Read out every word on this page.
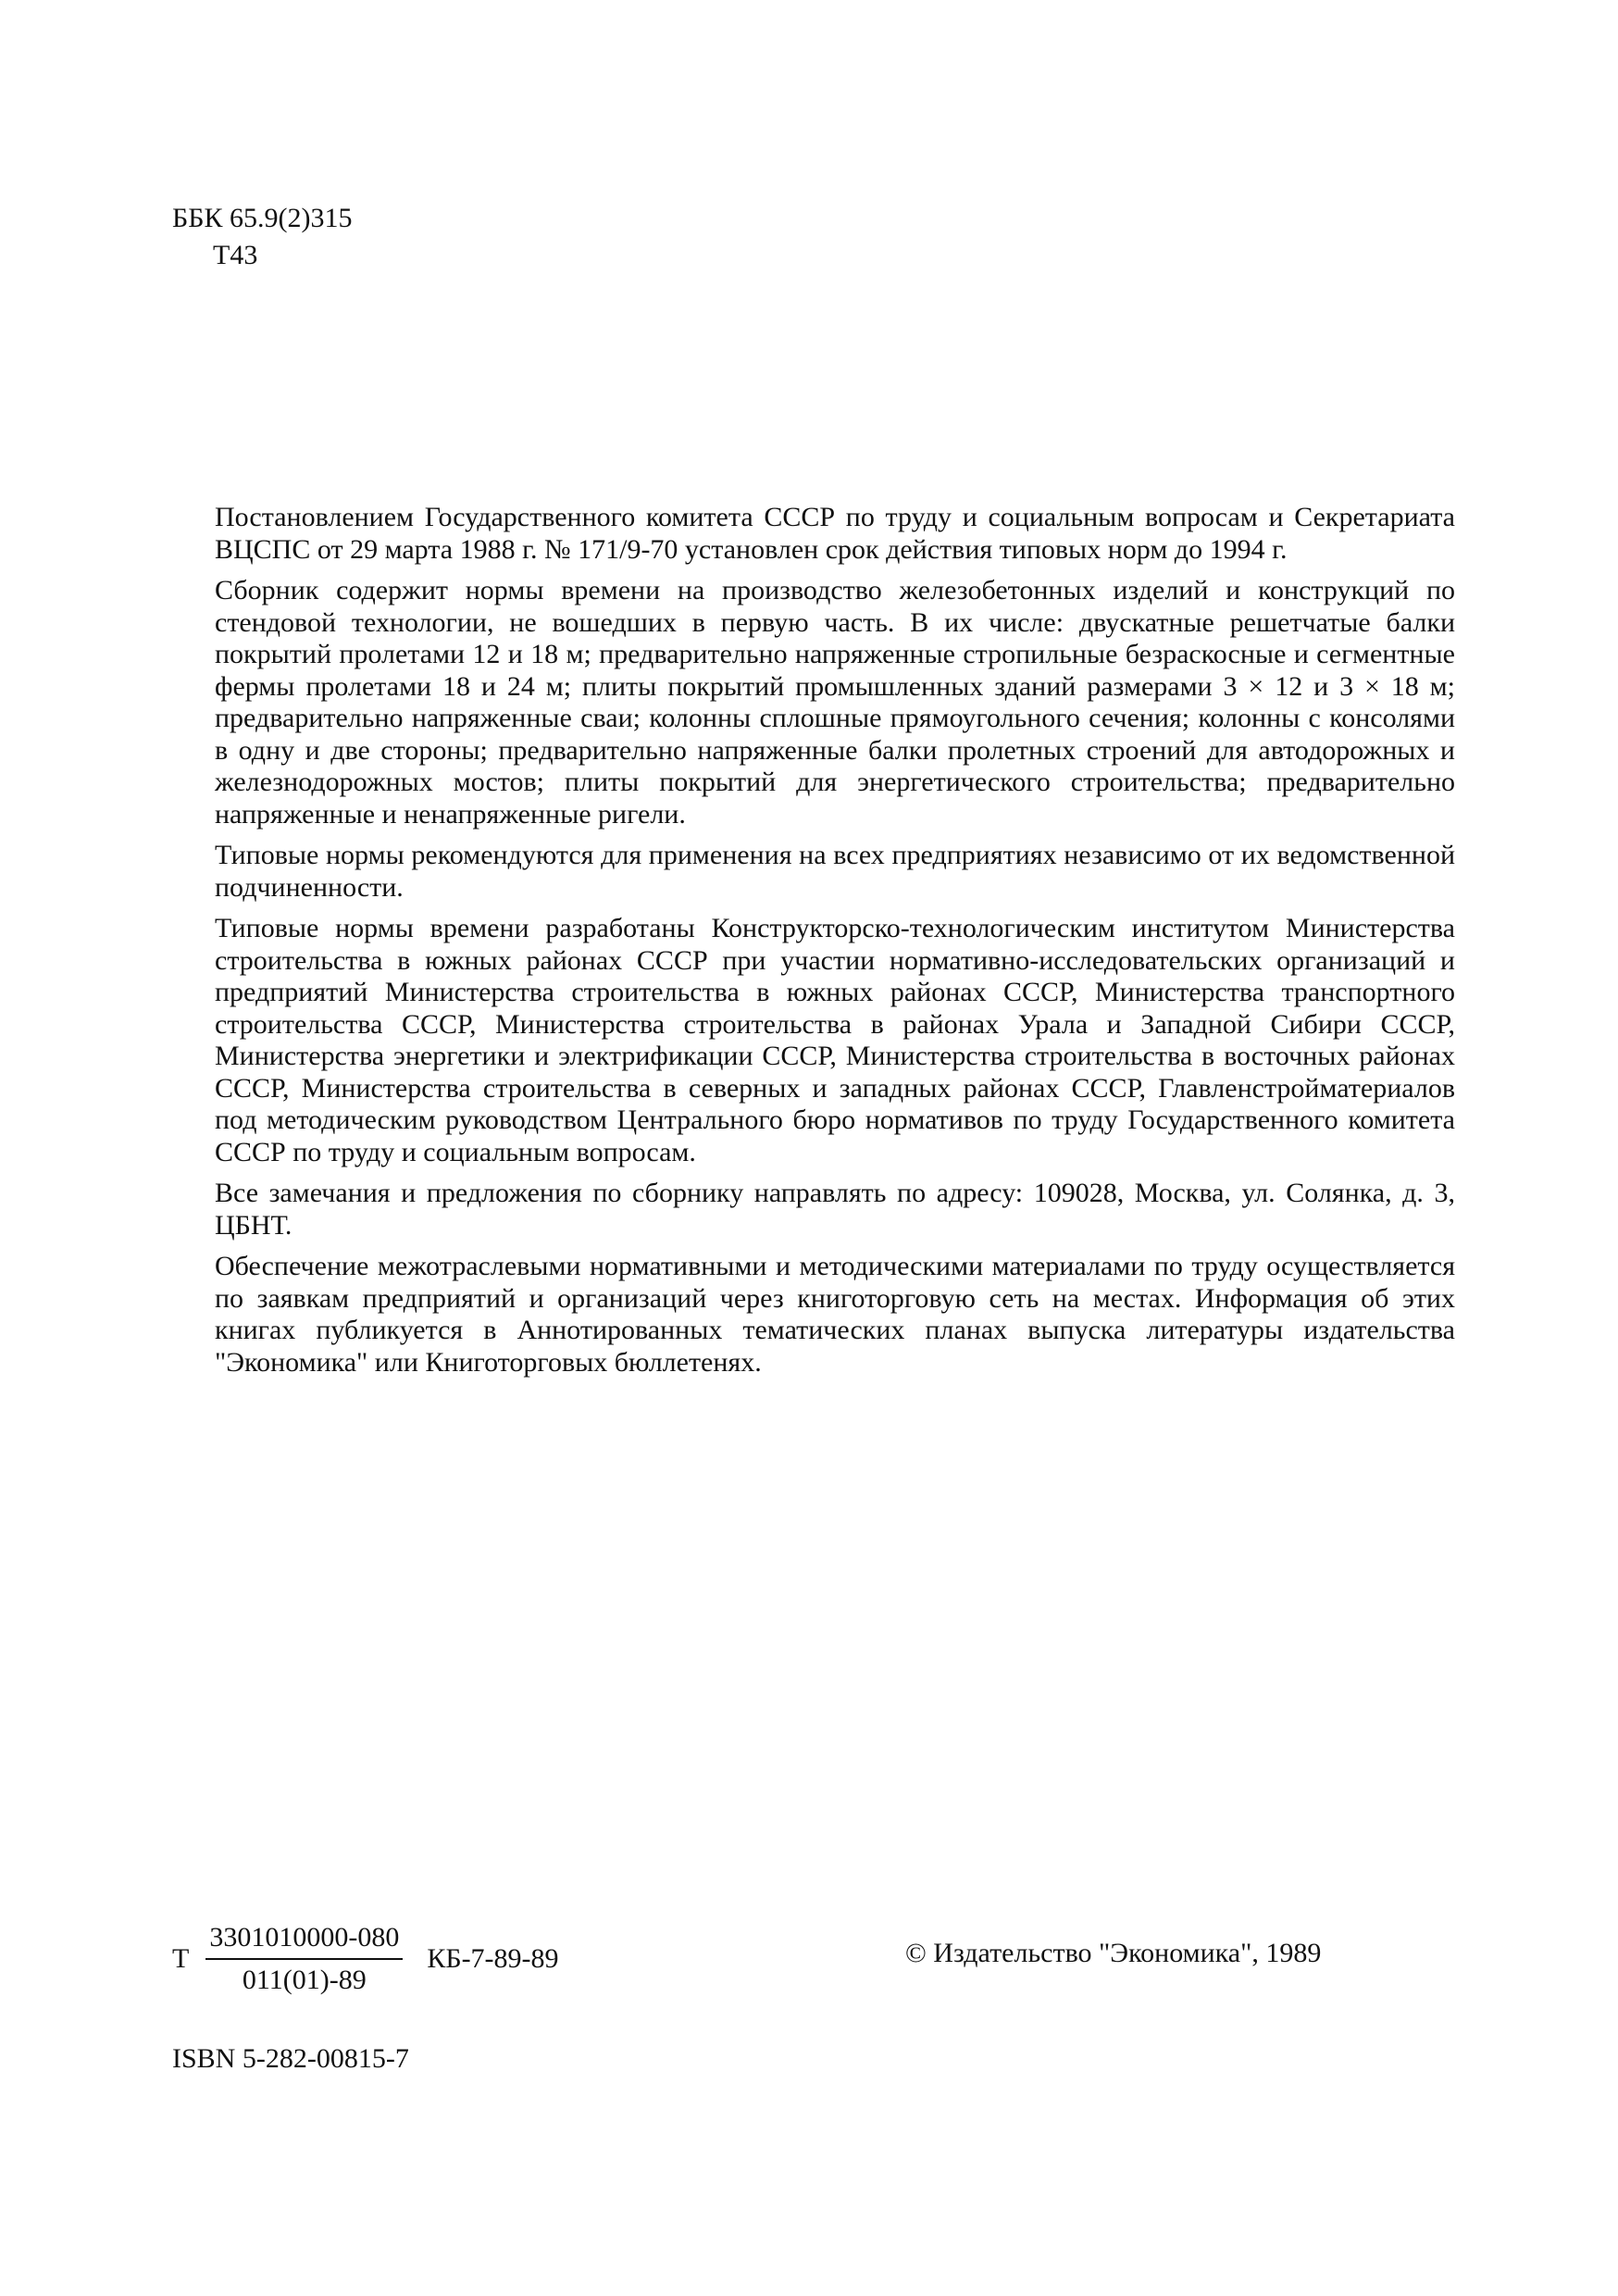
ББК 65.9(2)315
Т43

Постановлением Государственного комитета СССР по труду и социальным вопросам и Секретариата ВЦСПС от 29 марта 1988 г. № 171/9-70 установлен срок действия типовых норм до 1994 г.

Сборник содержит нормы времени на производство железобетонных изделий и конструкций по стендовой технологии, не вошедших в первую часть. В их числе: двускатные решетчатые балки покрытий пролетами 12 и 18 м; предварительно напряженные стропильные безраскосные и сегментные фермы пролетами 18 и 24 м; плиты покрытий промышленных зданий размерами 3 × 12 и 3 × 18 м; предварительно напряженные сваи; колонны сплошные прямоугольного сечения; колонны с консолями в одну и две стороны; предварительно напряженные балки пролетных строений для автодорожных и железнодорожных мостов; плиты покрытий для энергетического строительства; предварительно напряженные и ненапряженные ригели.

Типовые нормы рекомендуются для применения на всех предприятиях независимо от их ведомственной подчиненности.

Типовые нормы времени разработаны Конструкторско-технологическим институтом Министерства строительства в южных районах СССР при участии нормативно-исследовательских организаций и предприятий Министерства строительства в южных районах СССР, Министерства транспортного строительства СССР, Министерства строительства в районах Урала и Западной Сибири СССР, Министерства энергетики и электрификации СССР, Министерства строительства в восточных районах СССР, Министерства строительства в северных и западных районах СССР, Главленстройматериалов под методическим руководством Центрального бюро нормативов по труду Государственного комитета СССР по труду и социальным вопросам.

Все замечания и предложения по сборнику направлять по адресу: 109028, Москва, ул. Солянка, д. 3, ЦБНТ.

Обеспечение межотраслевыми нормативными и методическими материалами по труду осуществляется по заявкам предприятий и организаций через книготорговую сеть на местах. Информация об этих книгах публикуется в Аннотированных тематических планах выпуска литературы издательства "Экономика" или Книготорговых бюллетенях.

Т $\frac{3301010000-080}{011(01)-89} КБ-7-89-89$	© Издательство "Экономика", 1989
ISBN 5-282-00815-7
